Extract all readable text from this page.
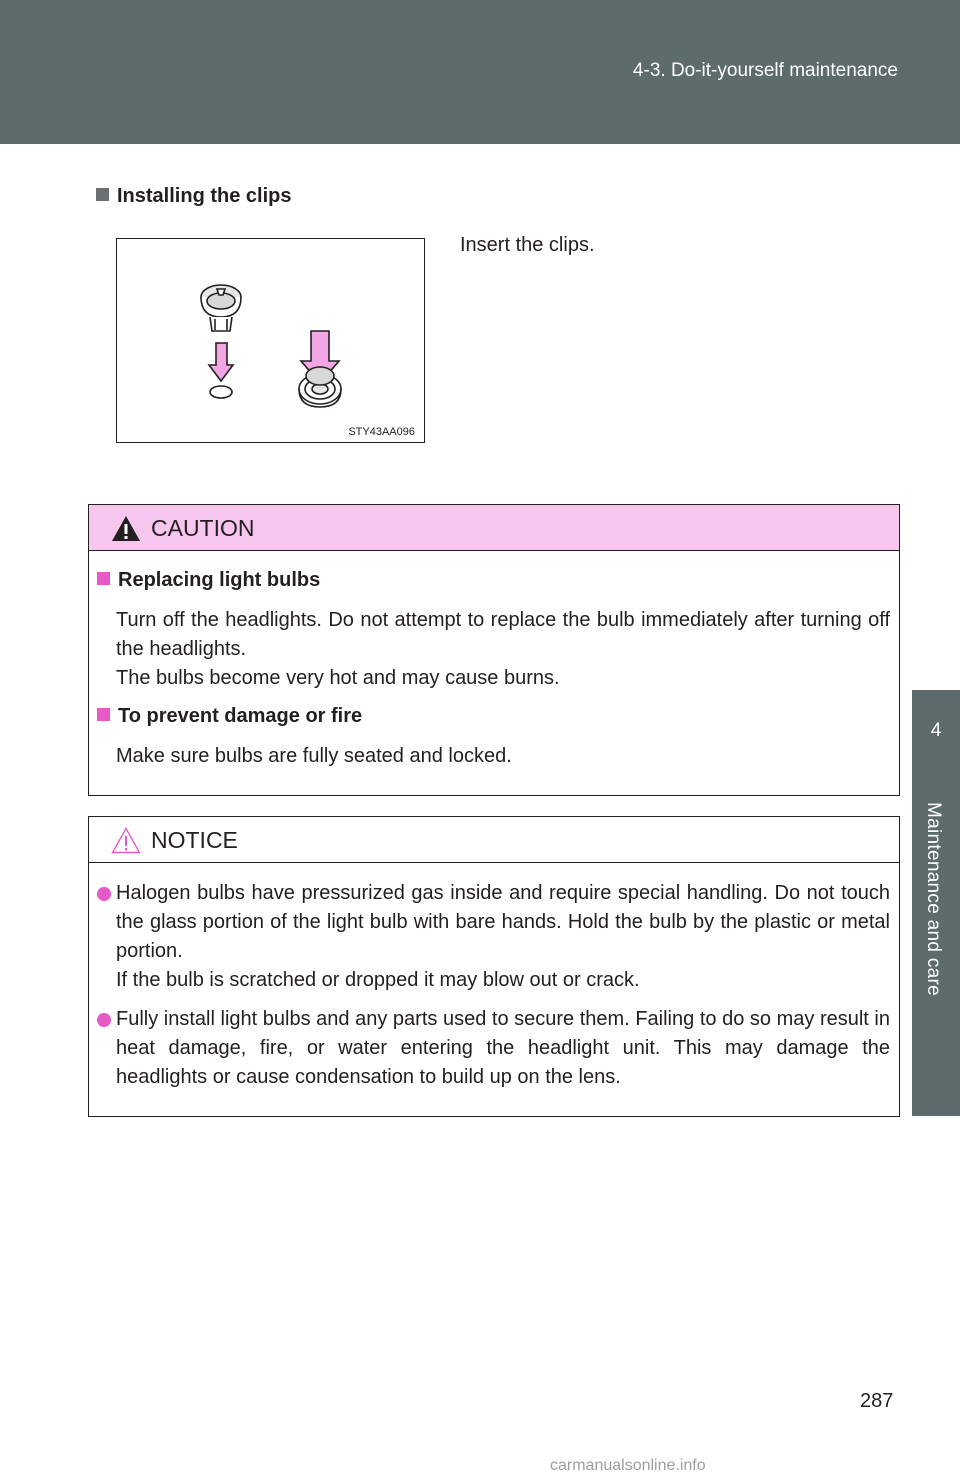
4-3. Do-it-yourself maintenance
4
Maintenance and care
Installing the clips
STY43AA096
Insert the clips.
CAUTION
Replacing light bulbs
Turn off the headlights. Do not attempt to replace the bulb immediately after turning off the headlights.
The bulbs become very hot and may cause burns.
To prevent damage or fire
Make sure bulbs are fully seated and locked.
NOTICE
Halogen bulbs have pressurized gas inside and require special handling. Do not touch the glass portion of the light bulb with bare hands. Hold the bulb by the plastic or metal portion.
If the bulb is scratched or dropped it may blow out or crack.
Fully install light bulbs and any parts used to secure them. Failing to do so may result in heat damage, fire, or water entering the headlight unit. This may damage the headlights or cause condensation to build up on the lens.
287
carmanualsonline.info
